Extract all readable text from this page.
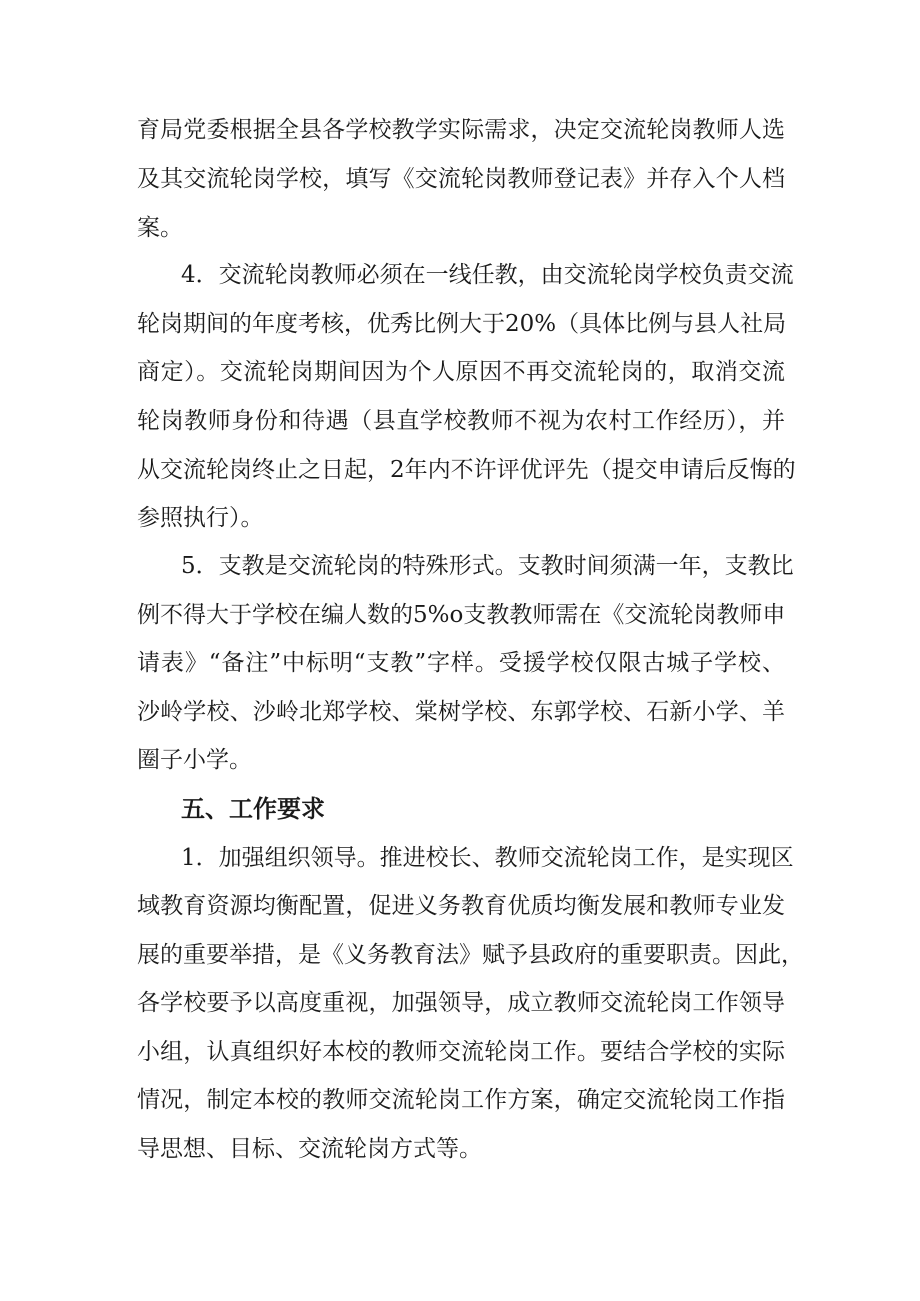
育局党委根据全县各学校教学实际需求，决定交流轮岗教师人选
及其交流轮岗学校，填写《交流轮岗教师登记表》并存入个人档
案。
4．交流轮岗教师必须在一线任教，由交流轮岗学校负责交流
轮岗期间的年度考核，优秀比例大于20%（具体比例与县人社局
商定）。交流轮岗期间因为个人原因不再交流轮岗的，取消交流
轮岗教师身份和待遇（县直学校教师不视为农村工作经历），并
从交流轮岗终止之日起，2年内不许评优评先（提交申请后反悔的
参照执行）。
5．支教是交流轮岗的特殊形式。支教时间须满一年，支教比
例不得大于学校在编人数的5%o支教教师需在《交流轮岗教师申
请表》“备注”中标明“支教”字样。受援学校仅限古城子学校、
沙岭学校、沙岭北郑学校、棠树学校、东郭学校、石新小学、羊
圈子小学。
五、工作要求
1．加强组织领导。推进校长、教师交流轮岗工作，是实现区
域教育资源均衡配置，促进义务教育优质均衡发展和教师专业发
展的重要举措，是《义务教育法》赋予县政府的重要职责。因此，
各学校要予以高度重视，加强领导，成立教师交流轮岗工作领导
小组，认真组织好本校的教师交流轮岗工作。要结合学校的实际
情况，制定本校的教师交流轮岗工作方案，确定交流轮岗工作指
导思想、目标、交流轮岗方式等。
